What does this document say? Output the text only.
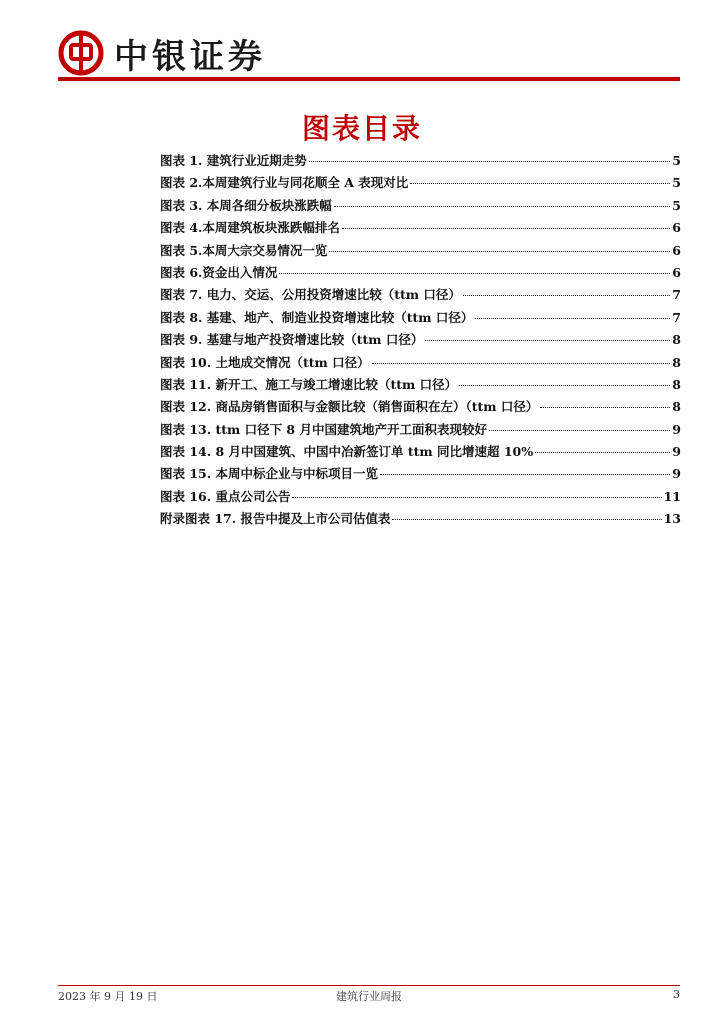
中银证券
图表目录
图表 1. 建筑行业近期走势	5
图表 2.本周建筑行业与同花顺全 A 表现对比	5
图表 3. 本周各细分板块涨跌幅	5
图表 4.本周建筑板块涨跌幅排名	6
图表 5.本周大宗交易情况一览	6
图表 6.资金出入情况	6
图表 7. 电力、交运、公用投资增速比较（ttm 口径）	7
图表 8. 基建、地产、制造业投资增速比较（ttm 口径）	7
图表 9. 基建与地产投资增速比较（ttm 口径）	8
图表 10. 土地成交情况（ttm 口径）	8
图表 11. 新开工、施工与竣工增速比较（ttm 口径）	8
图表 12. 商品房销售面积与金额比较（销售面积在左）（ttm 口径）	8
图表 13. ttm 口径下 8 月中国建筑地产开工面积表现较好	9
图表 14. 8 月中国建筑、中国中冶新签订单 ttm 同比增速超 10%	9
图表 15. 本周中标企业与中标项目一览	9
图表 16. 重点公司公告	11
附录图表 17. 报告中提及上市公司估值表	13
2023 年 9 月 19 日	建筑行业周报	3
